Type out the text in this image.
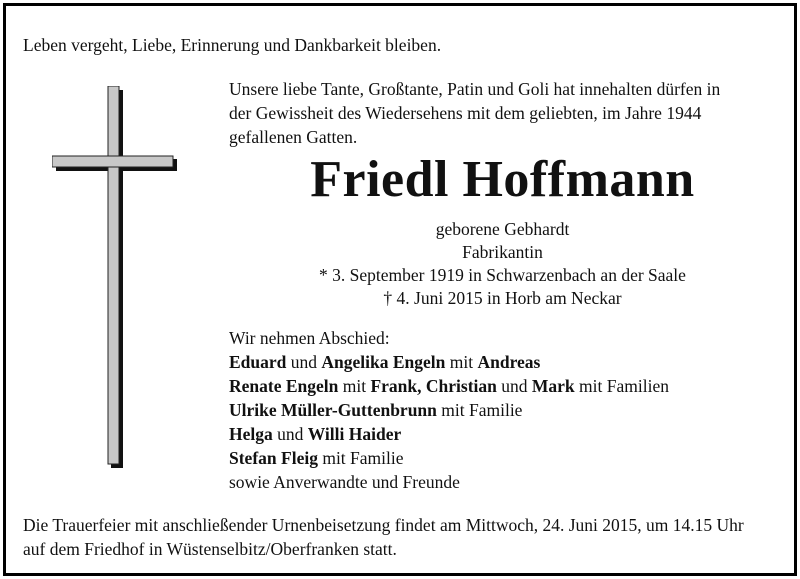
Leben vergeht, Liebe, Erinnerung und Dankbarkeit bleiben.
Unsere liebe Tante, Großtante, Patin und Goli hat innehalten dürfen in
der Gewissheit des Wiedersehens mit dem geliebten, im Jahre 1944
gefallenen Gatten.
Friedl Hoffmann
geborene Gebhardt
Fabrikantin
* 3. September 1919 in Schwarzenbach an der Saale
† 4. Juni 2015 in Horb am Neckar
Wir nehmen Abschied:
Eduard und Angelika Engeln mit Andreas
Renate Engeln mit Frank, Christian und Mark mit Familien
Ulrike Müller-Guttenbrunn mit Familie
Helga und Willi Haider
Stefan Fleig mit Familie
sowie Anverwandte und Freunde
Die Trauerfeier mit anschließender Urnenbeisetzung findet am Mittwoch, 24. Juni 2015, um 14.15 Uhr
auf dem Friedhof in Wüstenselbitz/Oberfranken statt.
